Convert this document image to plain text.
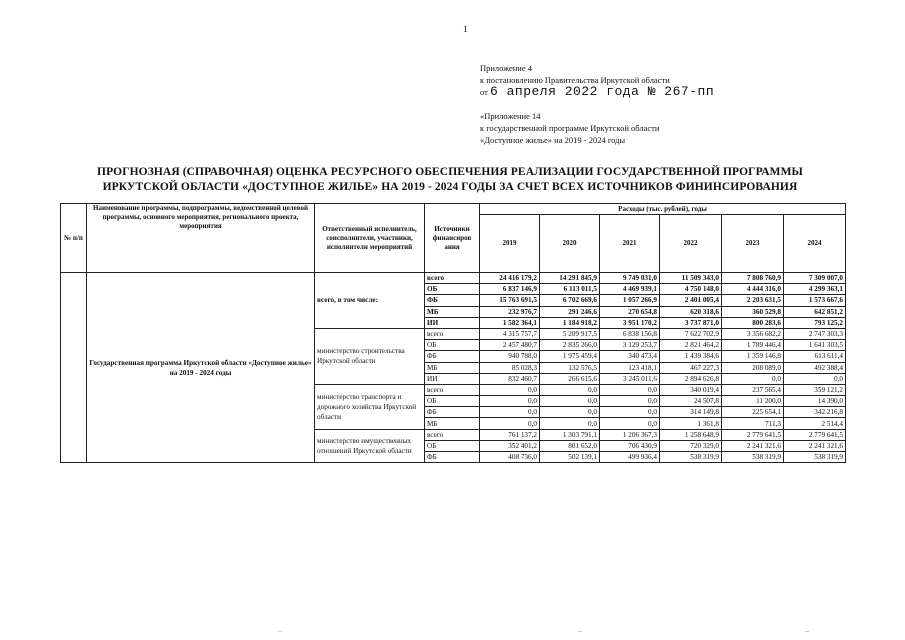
1
Приложение 4
к постановлению Правительства Иркутской области
от 6 апреля 2022 года № 267-пп
«Приложение 14
к государственной программе Иркутской области
«Доступное жилье» на 2019 - 2024 годы
ПРОГНОЗНАЯ (СПРАВОЧНАЯ) ОЦЕНКА РЕСУРСНОГО ОБЕСПЕЧЕНИЯ РЕАЛИЗАЦИИ ГОСУДАРСТВЕННОЙ ПРОГРАММЫ
ИРКУТСКОЙ ОБЛАСТИ «ДОСТУПНОЕ ЖИЛЬЕ» НА 2019 - 2024 ГОДЫ ЗА СЧЕТ ВСЕХ ИСТОЧНИКОВ ФИНИНСИРОВАНИЯ
№ п/п	Наименование программы, подпрограммы, ведомственной целевой программы, основного мероприятия, регионального проекта, мероприятия	Ответственный исполнитель, соисполнители, участники, исполнители мероприятий	Источники финансиров ания	Расходы (тыс. рублей), годы					
				2019	2020	2021	2022	2023	2024
	Государственная программа Иркутской области «Доступное жилье» на 2019 - 2024 годы	всего, в том числе:	всего	24 416 179,2	14 291 845,9	9 749 031,0	11 509 343,0	7 808 760,9	7 309 007,0
			ОБ	6 837 146,9	6 113 011,5	4 469 939,1	4 750 148,0	4 444 316,0	4 299 363,1
			ФБ	15 763 691,5	6 702 669,6	1 057 266,9	2 401 005,4	2 203 631,5	1 573 667,6
			МБ	232 976,7	291 246,6	270 654,8	620 318,6	360 529,8	642 851,2
			ИИ	1 582 364,1	1 184 918,2	3 951 170,2	3 737 871,0	800 283,6	793 125,2
		министерство строительства Иркутской области	всего	4 315 757,7	5 209 917,5	6 838 156,8	7 622 702,9	3 356 682,2	2 747 303,3
			ОБ	2 457 480,7	2 835 266,0	3 129 253,7	2 821 464,2	1 789 446,4	1 641 303,5
			ФБ	940 788,0	1 975 459,4	340 473,4	1 439 384,6	1 359 146,8	613 611,4
			МБ	85 028,3	132 576,5	123 418,1	467 227,3	208 089,0	492 388,4
			ИИ	832 460,7	266 615,6	3 245 011,6	2 894 626,8	0,0	0,0
		министерство транспорта и дорожного хозяйства Иркутской области	всего	0,0	0,0	0,0	340 019,4	237 565,4	359 121,2
			ОБ	0,0	0,0	0,0	24 507,8	11 200,0	14 390,0
			ФБ	0,0	0,0	0,0	314 149,8	225 654,1	342 216,8
			МБ	0,0	0,0	0,0	1 361,8	711,3	2 514,4
		министерство имущественных отношений Иркутской области	всего	761 137,2	1 303 791,1	1 206 367,3	1 258 648,9	2 779 641,5	2 779 641,5
			ОБ	352 401,2	801 652,0	706 430,9	720 329,0	2 241 321,6	2 241 321,6
			ФБ	408 736,0	502 139,1	499 936,4	538 319,9	538 319,9	538 319,9
–	–	–
